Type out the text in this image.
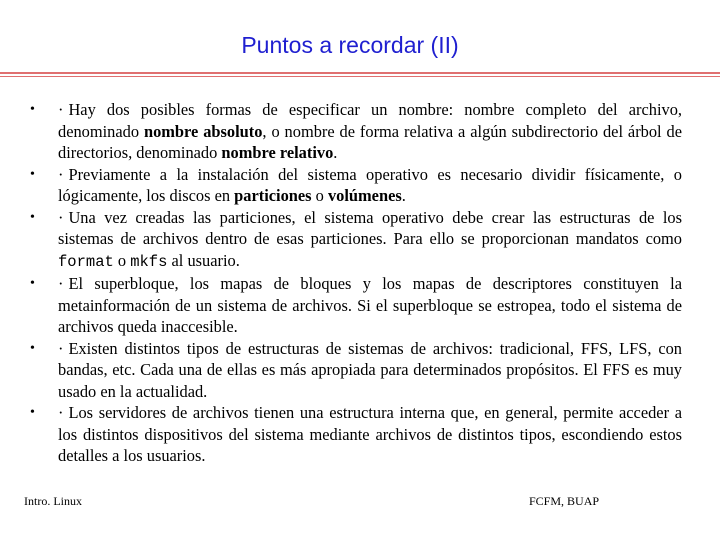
Puntos a recordar (II)
• · Hay dos posibles formas de especificar un nombre: nombre completo del archivo, denominado nombre absoluto, o nombre de forma relativa a algún subdirectorio del árbol de directorios, denominado nombre relativo.
• · Previamente a la instalación del sistema operativo es necesario dividir físicamente, o lógicamente, los discos en particiones o volúmenes.
• · Una vez creadas las particiones, el sistema operativo debe crear las estructuras de los sistemas de archivos dentro de esas particiones. Para ello se proporcionan mandatos como format o mkfs al usuario.
• · El superbloque, los mapas de bloques y los mapas de descriptores constituyen la metainformación de un sistema de archivos. Si el superbloque se estropea, todo el sistema de archivos queda inaccesible.
• · Existen distintos tipos de estructuras de sistemas de archivos: tradicional, FFS, LFS, con bandas, etc. Cada una de ellas es más apropiada para determinados propósitos. El FFS es muy usado en la actualidad.
• · Los servidores de archivos tienen una estructura interna que, en general, permite acceder a los distintos dispositivos del sistema mediante archivos de distintos tipos, escondiendo estos detalles a los usuarios.
Intro. Linux	FCFM, BUAP
